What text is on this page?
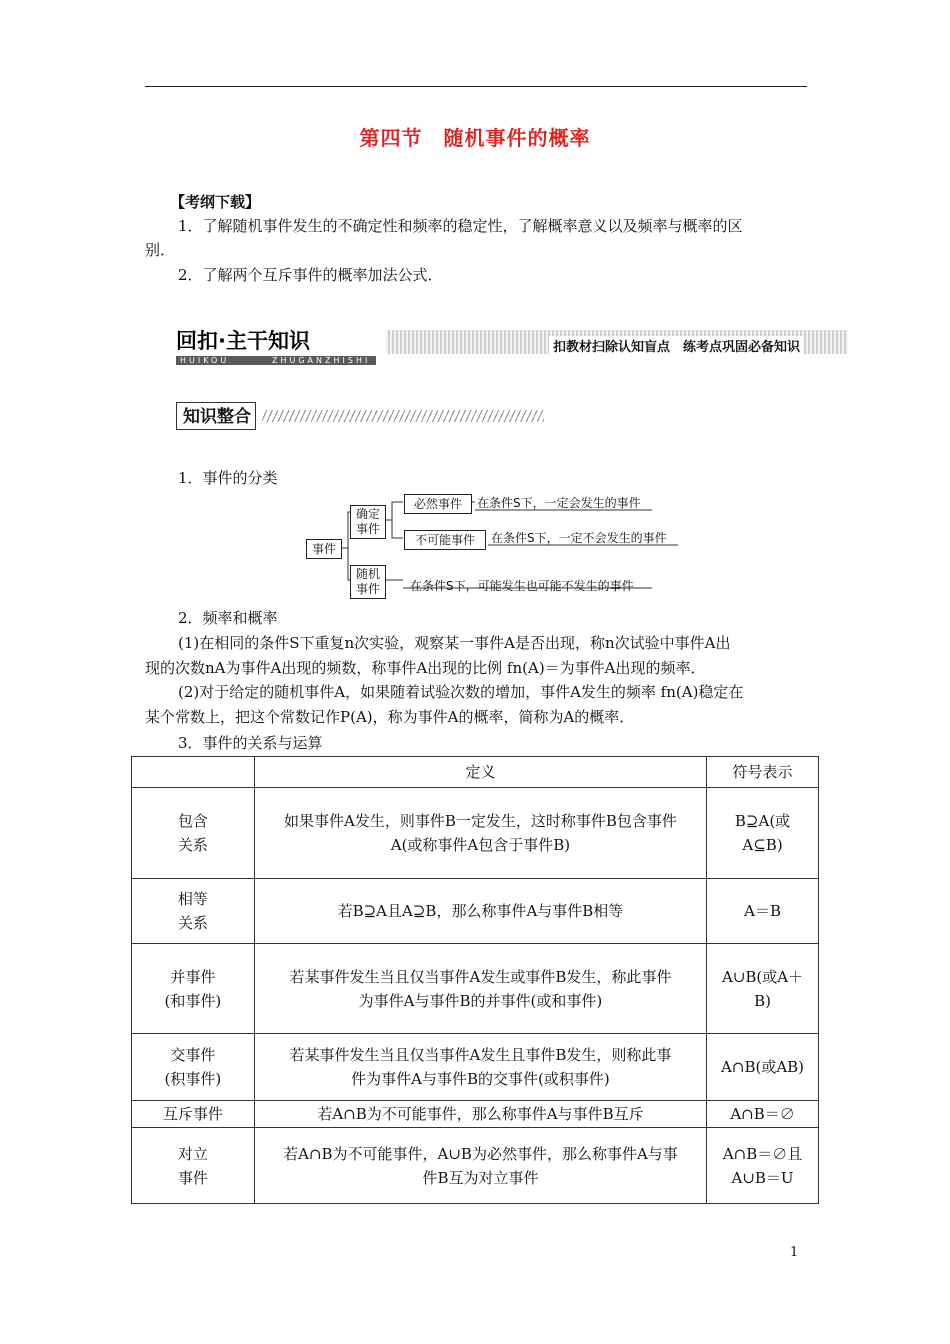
第四节　随机事件的概率
【考纲下载】
1．了解随机事件发生的不确定性和频率的稳定性，了解概率意义以及频率与概率的区
别．
2．了解两个互斥事件的概率加法公式．
回扣·主干知识
HUIKOU	ZHUGANZHISHI
扣教材扫除认知盲点　练考点巩固必备知识
知识整合
1．事件的分类
事件
确定事件
随机事件
必然事件
不可能事件
在条件S下，一定会发生的事件
在条件S下，一定不会发生的事件
在条件S下，可能发生也可能不发生的事件
2．频率和概率
(1)在相同的条件S下重复n次实验，观察某一事件A是否出现，称n次试验中事件A出
现的次数nA为事件A出现的频数，称事件A出现的比例 fn(A)＝为事件A出现的频率．
(2)对于给定的随机事件A，如果随着试验次数的增加，事件A发生的频率 fn(A)稳定在
某个常数上，把这个常数记作P(A)，称为事件A的概率，简称为A的概率．
3．事件的关系与运算
	定义	符号表示
包含
关系	如果事件A发生，则事件B一定发生，这时称事件B包含事件
A(或称事件A包含于事件B)	B⊇A(或
A⊆B)
相等
关系	若B⊇A且A⊇B，那么称事件A与事件B相等	A＝B
并事件
(和事件)	若某事件发生当且仅当事件A发生或事件B发生，称此事件
为事件A与事件B的并事件(或和事件)	A∪B(或A＋
B)
交事件
(积事件)	若某事件发生当且仅当事件A发生且事件B发生，则称此事
件为事件A与事件B的交事件(或积事件)	A∩B(或AB)
互斥事件	若A∩B为不可能事件，那么称事件A与事件B互斥	A∩B＝∅
对立
事件	若A∩B为不可能事件，A∪B为必然事件，那么称事件A与事
件B互为对立事件	A∩B＝∅且
A∪B＝U
1
